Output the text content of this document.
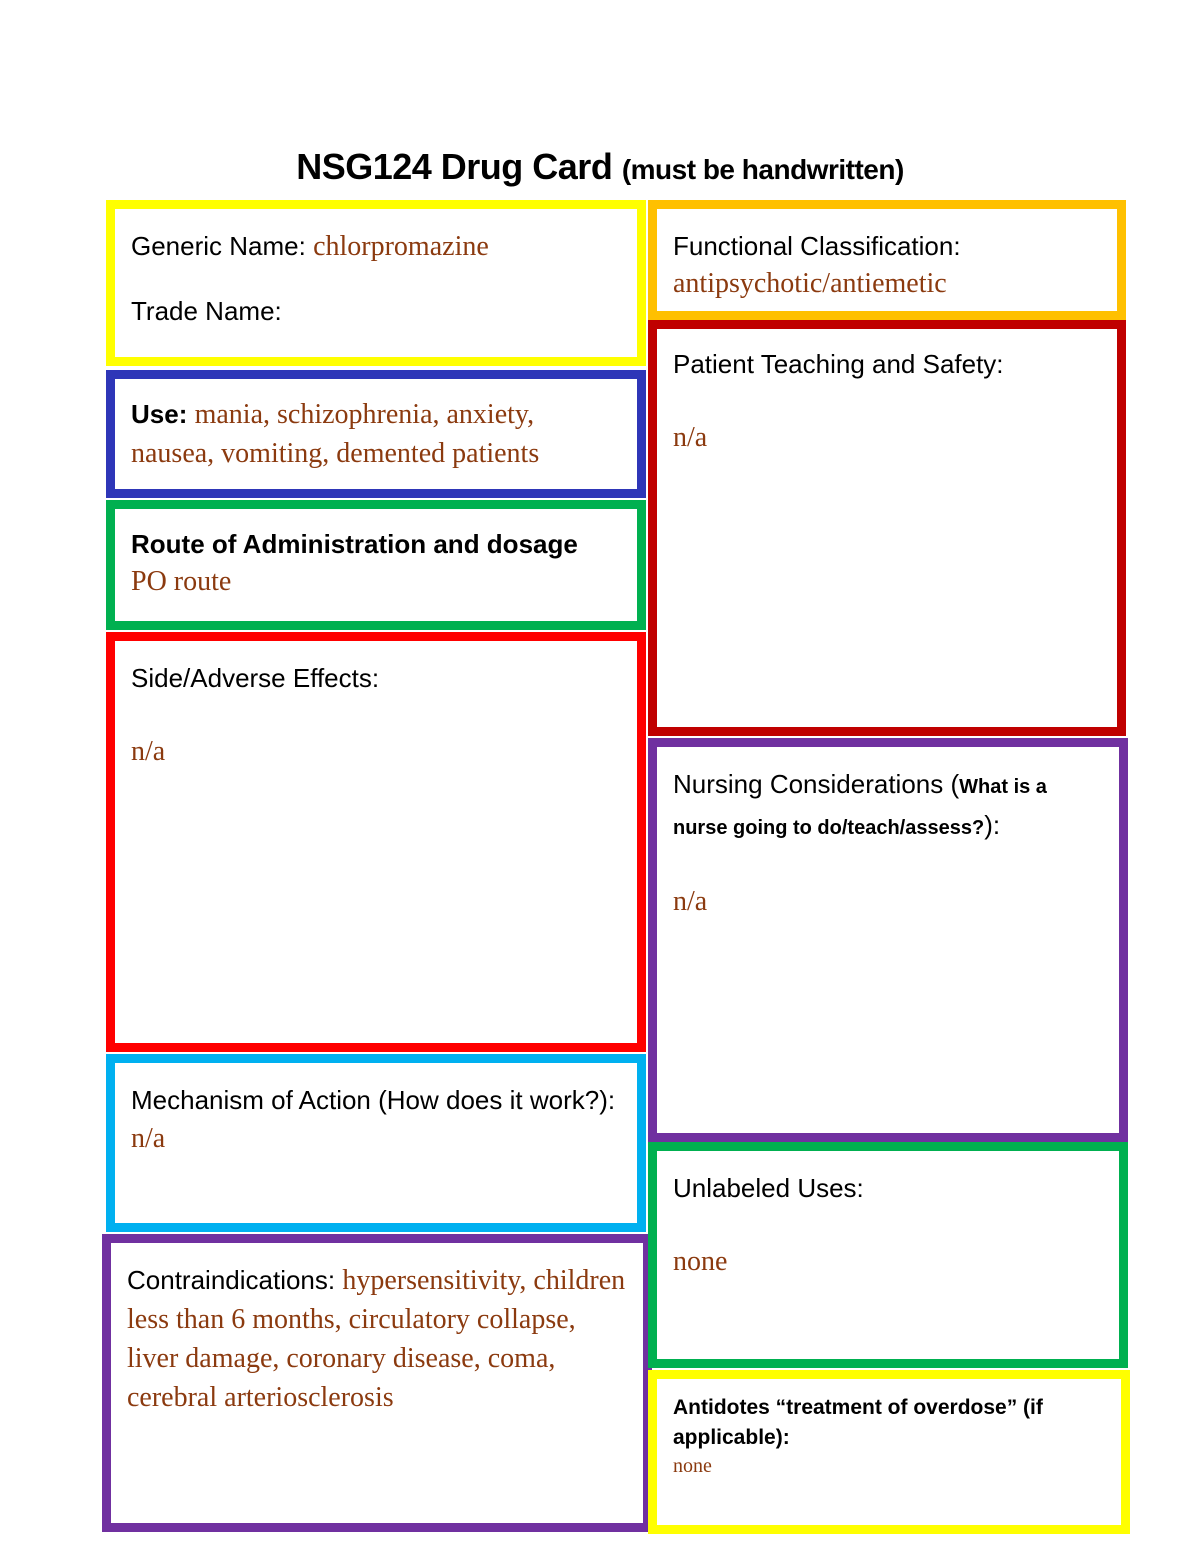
NSG124 Drug Card (must be handwritten)
Generic Name: chlorpromazine
Trade Name:
Use: mania, schizophrenia, anxiety, nausea, vomiting, demented patients
Route of Administration and dosage
PO route
Side/Adverse Effects:
n/a
Mechanism of Action (How does it work?): n/a
Contraindications: hypersensitivity, children less than 6 months, circulatory collapse, liver damage, coronary disease, coma, cerebral arteriosclerosis
Functional Classification:
antipsychotic/antiemetic
Patient Teaching and Safety:
n/a
Nursing Considerations (What is a nurse going to do/teach/assess?):
n/a
Unlabeled Uses:
none
Antidotes “treatment of overdose” (if applicable):
none
